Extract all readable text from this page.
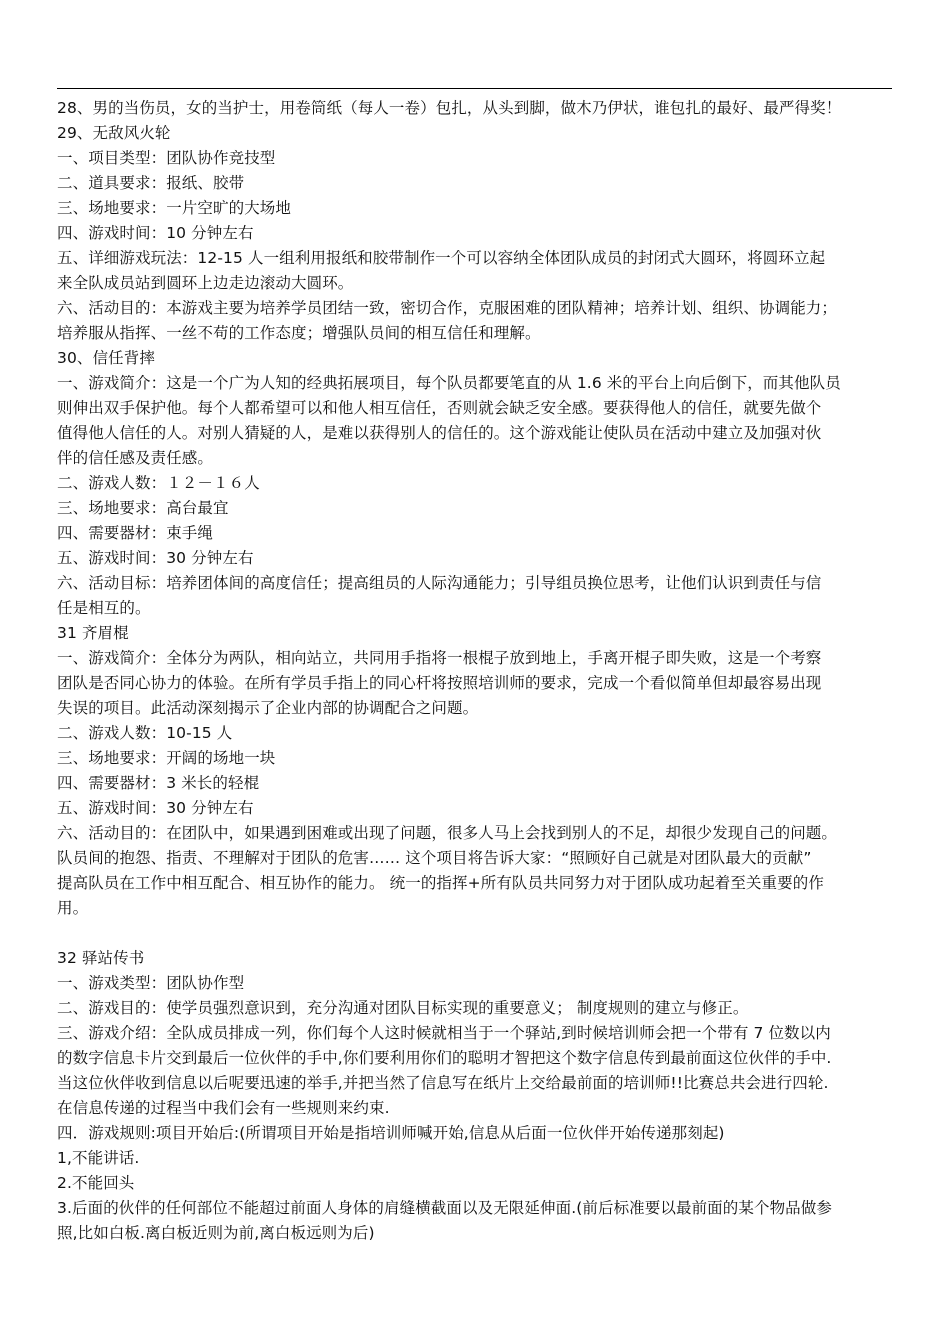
28、男的当伤员，女的当护士，用卷筒纸（每人一卷）包扎，从头到脚，做木乃伊状，谁包扎的最好、最严得奖！
29、无敌风火轮
一、项目类型：团队协作竞技型
二、道具要求：报纸、胶带
三、场地要求：一片空旷的大场地
四、游戏时间：10 分钟左右
五、详细游戏玩法：12-15 人一组利用报纸和胶带制作一个可以容纳全体团队成员的封闭式大圆环，将圆环立起
来全队成员站到圆环上边走边滚动大圆环。
六、活动目的：本游戏主要为培养学员团结一致，密切合作，克服困难的团队精神；培养计划、组织、协调能力；
培养服从指挥、一丝不苟的工作态度；增强队员间的相互信任和理解。
30、信任背摔
一、游戏简介：这是一个广为人知的经典拓展项目，每个队员都要笔直的从 1.6 米的平台上向后倒下，而其他队员
则伸出双手保护他。每个人都希望可以和他人相互信任，否则就会缺乏安全感。要获得他人的信任，就要先做个
值得他人信任的人。对别人猜疑的人，是难以获得别人的信任的。这个游戏能让使队员在活动中建立及加强对伙
伴的信任感及责任感。
二、游戏人数：１２－１６人
三、场地要求：高台最宜
四、需要器材：束手绳
五、游戏时间：30 分钟左右
六、活动目标：培养团体间的高度信任；提高组员的人际沟通能力；引导组员换位思考，让他们认识到责任与信
任是相互的。
31 齐眉棍
一、游戏简介：全体分为两队，相向站立，共同用手指将一根棍子放到地上，手离开棍子即失败，这是一个考察
团队是否同心协力的体验。在所有学员手指上的同心杆将按照培训师的要求，完成一个看似简单但却最容易出现
失误的项目。此活动深刻揭示了企业内部的协调配合之问题。
二、游戏人数：10-15 人
三、场地要求：开阔的场地一块
四、需要器材：3 米长的轻棍
五、游戏时间：30 分钟左右
六、活动目的：在团队中，如果遇到困难或出现了问题，很多人马上会找到别人的不足，却很少发现自己的问题。
队员间的抱怨、指责、不理解对于团队的危害…… 这个项目将告诉大家：“照顾好自己就是对团队最大的贡献”
提高队员在工作中相互配合、相互协作的能力。 统一的指挥+所有队员共同努力对于团队成功起着至关重要的作
用。
32 驿站传书
一、游戏类型：团队协作型
二、游戏目的：使学员强烈意识到，充分沟通对团队目标实现的重要意义； 制度规则的建立与修正。
三、游戏介绍：全队成员排成一列，你们每个人这时候就相当于一个驿站,到时候培训师会把一个带有 7 位数以内
的数字信息卡片交到最后一位伙伴的手中,你们要利用你们的聪明才智把这个数字信息传到最前面这位伙伴的手中.
当这位伙伴收到信息以后呢要迅速的举手,并把当然了信息写在纸片上交给最前面的培训师!!比赛总共会进行四轮.
在信息传递的过程当中我们会有一些规则来约束.
四．游戏规则:项目开始后:(所谓项目开始是指培训师喊开始,信息从后面一位伙伴开始传递那刻起)
1,不能讲话.
2.不能回头
3.后面的伙伴的任何部位不能超过前面人身体的肩缝横截面以及无限延伸面.(前后标准要以最前面的某个物品做参
照,比如白板.离白板近则为前,离白板远则为后)
